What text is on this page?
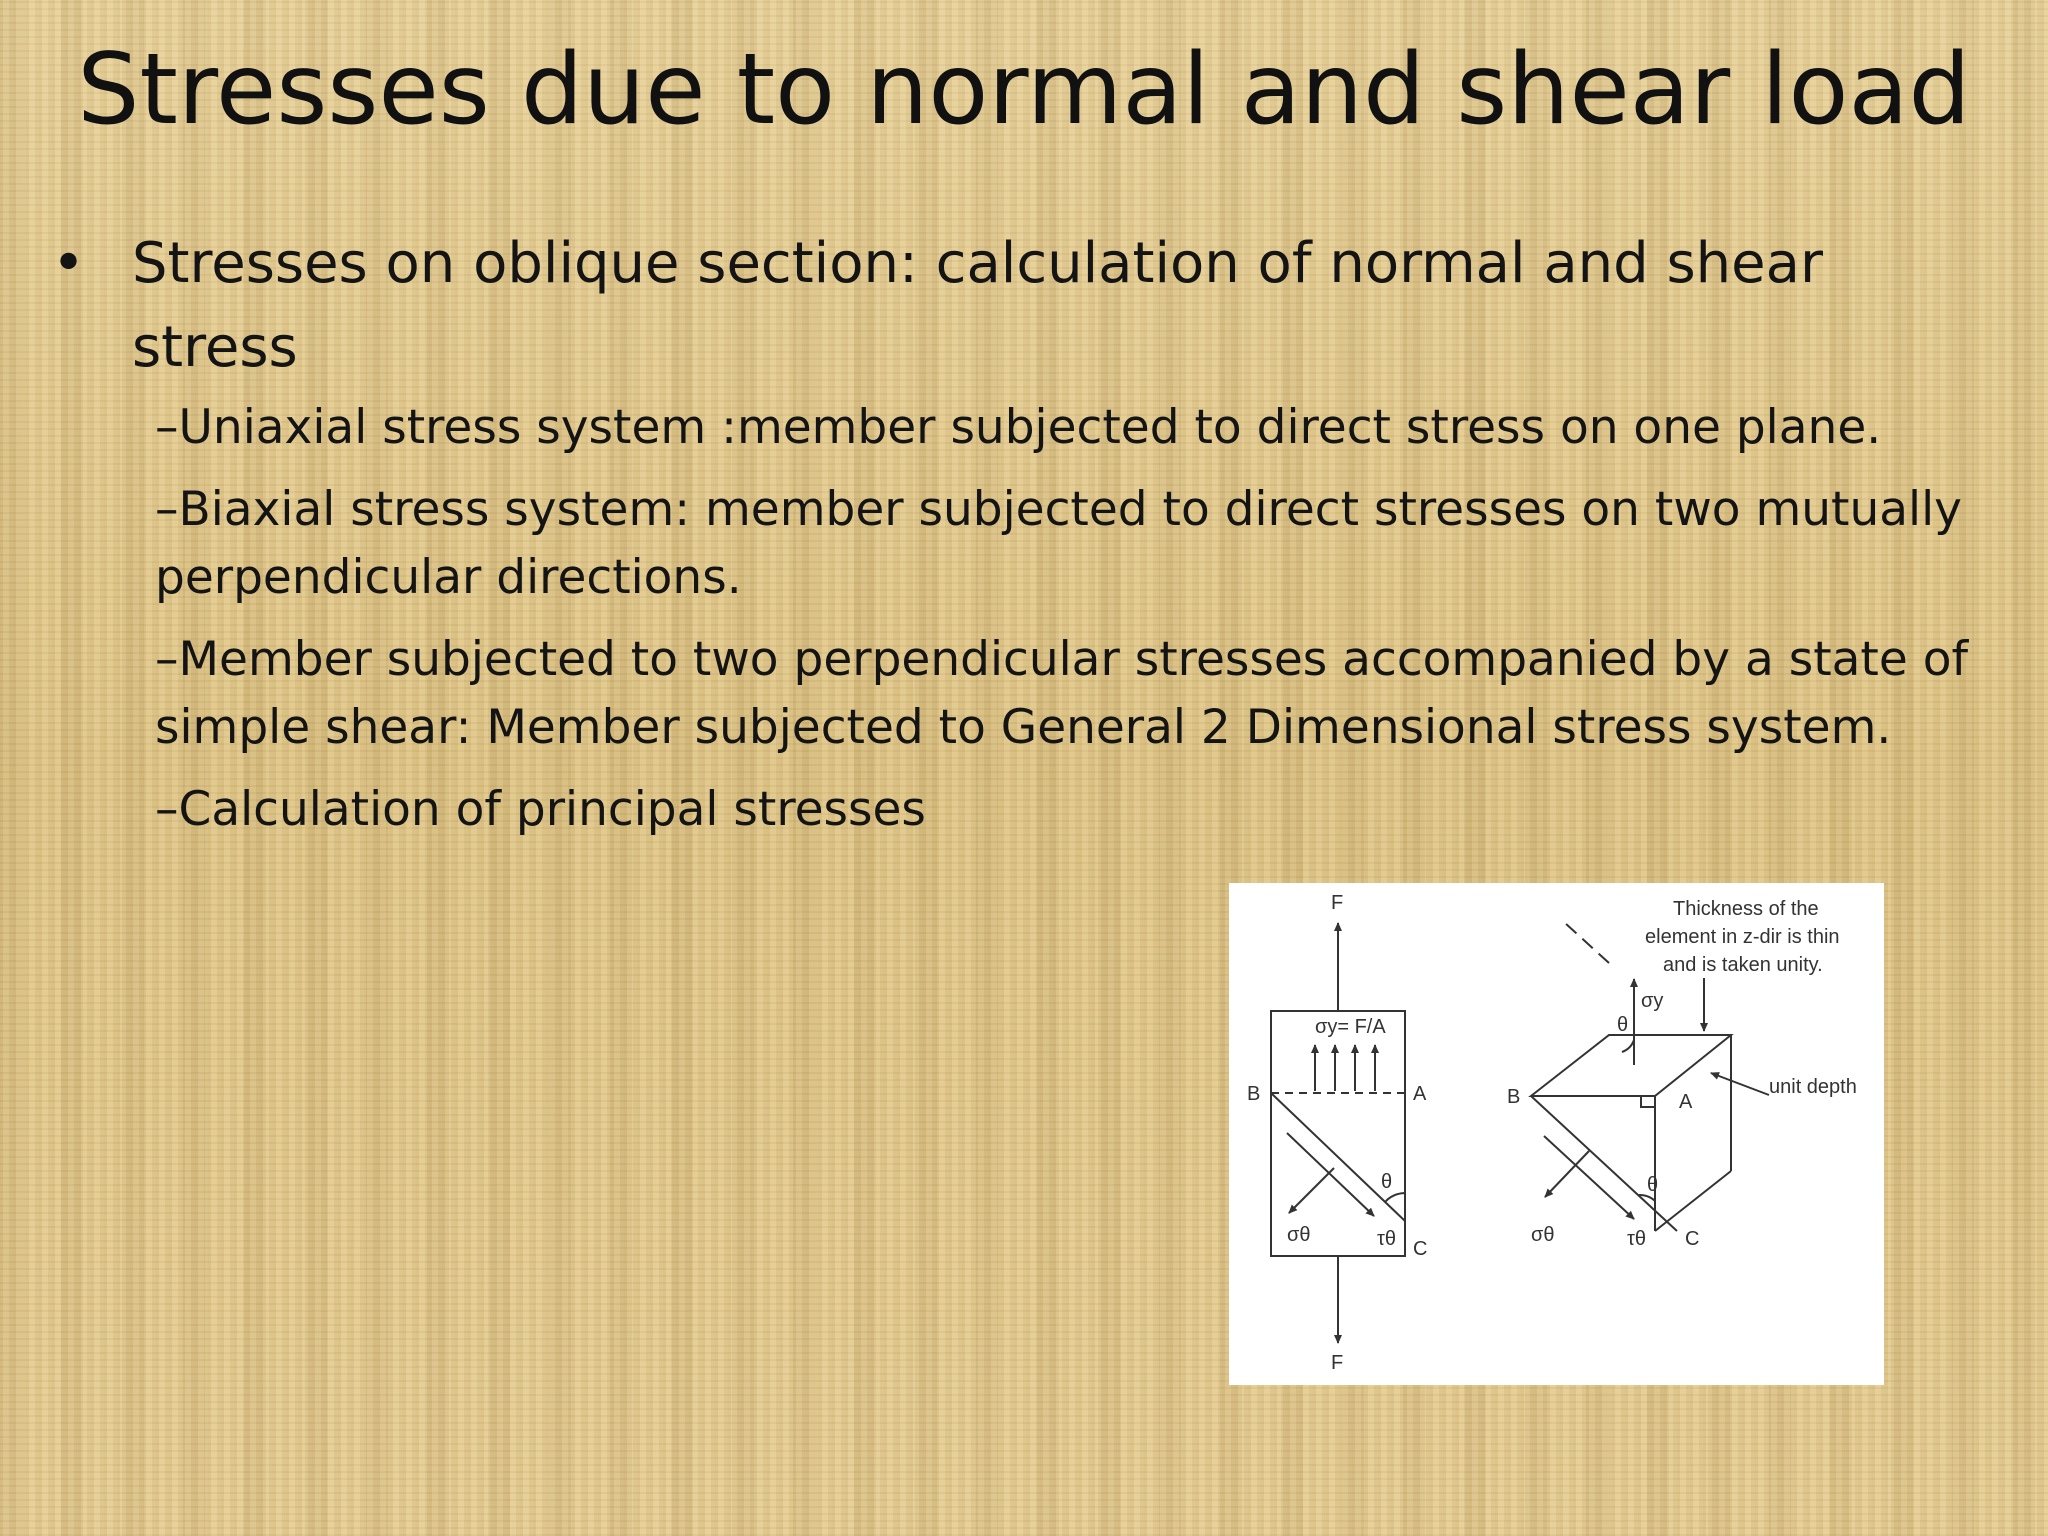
Stresses due to normal and shear load
• Stresses on oblique section: calculation of normal and shear stress
–Uniaxial stress system :member subjected to direct stress on one plane.
–Biaxial stress system: member subjected to direct stresses on two mutually perpendicular directions.
–Member subjected to two perpendicular stresses accompanied by a state of simple shear: Member subjected to General 2 Dimensional stress system.
–Calculation of principal stresses
F
F
σy= F/A
B	A
C
θ
σθ	τθ
Thickness of the
element in z-dir is thin
and is taken unity.
σy
θ
unit depth
B	A
C
θ
σθ	τθ
